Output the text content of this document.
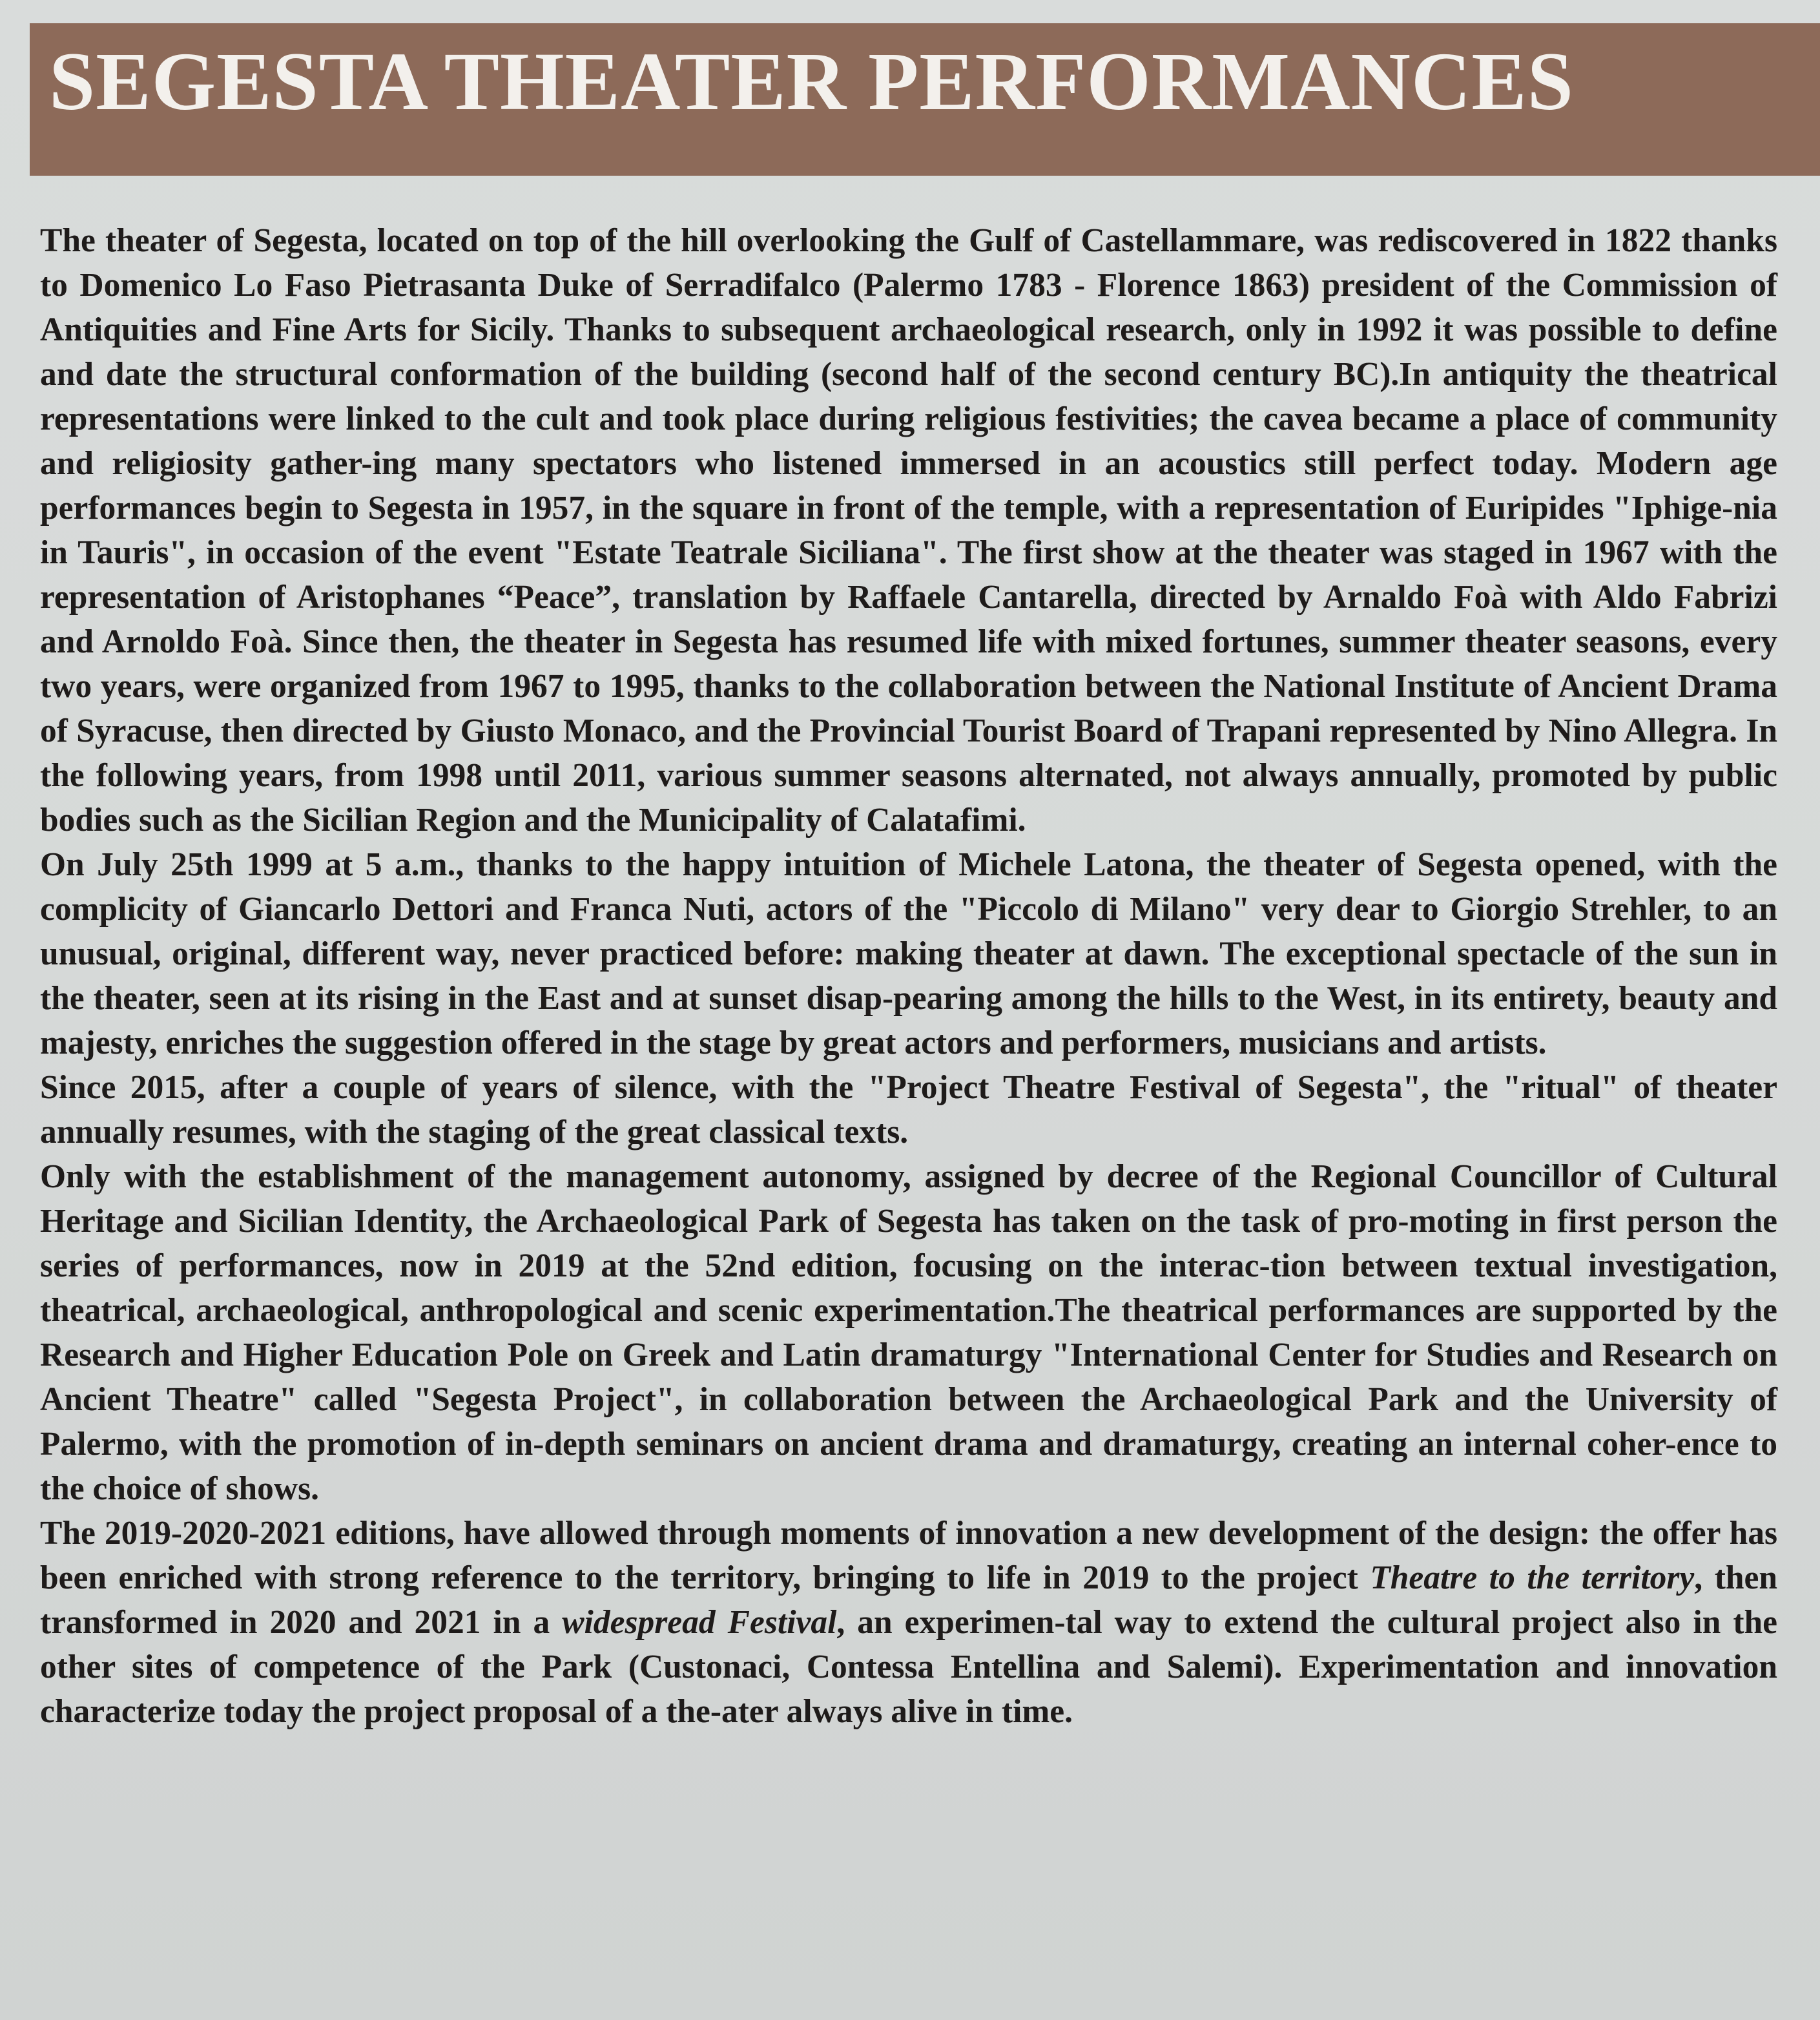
SEGESTA THEATER PERFORMANCES

The theater of Segesta, located on top of the hill overlooking the Gulf of Castellammare, was rediscovered in 1822 thanks to Domenico Lo Faso Pietrasanta Duke of Serradifalco (Palermo 1783 - Florence 1863) president of the Commission of Antiquities and Fine Arts for Sicily. Thanks to subsequent archaeological research, only in 1992 it was possible to define and date the structural conformation of the building (second half of the second century BC).In antiquity the theatrical representations were linked to the cult and took place during religious festivities; the cavea became a place of community and religiosity gather-ing many spectators who listened immersed in an acoustics still perfect today. Modern age performances begin to Segesta in 1957, in the square in front of the temple, with a representation of Euripides "Iphige-nia in Tauris", in occasion of the event "Estate Teatrale Siciliana". The first show at the theater was staged in 1967 with the representation of Aristophanes “Peace”, translation by Raffaele Cantarella, directed by Arnaldo Foà with Aldo Fabrizi and Arnoldo Foà. Since then, the theater in Segesta has resumed life with mixed fortunes, summer theater seasons, every two years, were organized from 1967 to 1995, thanks to the collaboration between the National Institute of Ancient Drama of Syracuse, then directed by Giusto Monaco, and the Provincial Tourist Board of Trapani represented by Nino Allegra. In the following years, from 1998 until 2011, various summer seasons alternated, not always annually, promoted by public bodies such as the Sicilian Region and the Municipality of Calatafimi.

On July 25th 1999 at 5 a.m., thanks to the happy intuition of Michele Latona, the theater of Segesta opened, with the complicity of Giancarlo Dettori and Franca Nuti, actors of the "Piccolo di Milano" very dear to Giorgio Strehler, to an unusual, original, different way, never practiced before: making theater at dawn. The exceptional spectacle of the sun in the theater, seen at its rising in the East and at sunset disap-pearing among the hills to the West, in its entirety, beauty and majesty, enriches the suggestion offered in the stage by great actors and performers, musicians and artists.

Since 2015, after a couple of years of silence, with the "Project Theatre Festival of Segesta", the "ritual" of theater annually resumes, with the staging of the great classical texts.

Only with the establishment of the management autonomy, assigned by decree of the Regional Councillor of Cultural Heritage and Sicilian Identity, the Archaeological Park of Segesta has taken on the task of pro-moting in first person the series of performances, now in 2019 at the 52nd edition, focusing on the interac-tion between textual investigation, theatrical, archaeological, anthropological and scenic experimentation.The theatrical performances are supported by the Research and Higher Education Pole on Greek and Latin dramaturgy "International Center for Studies and Research on Ancient Theatre" called "Segesta Project", in collaboration between the Archaeological Park and the University of Palermo, with the promotion of in-depth seminars on ancient drama and dramaturgy, creating an internal coher-ence to the choice of shows.

The 2019-2020-2021 editions, have allowed through moments of innovation a new development of the design: the offer has been enriched with strong reference to the territory, bringing to life in 2019 to the project Theatre to the territory, then transformed in 2020 and 2021 in a widespread Festival, an experimen-tal way to extend the cultural project also in the other sites of competence of the Park (Custonaci, Contessa Entellina and Salemi). Experimentation and innovation characterize today the project proposal of a the-ater always alive in time.
